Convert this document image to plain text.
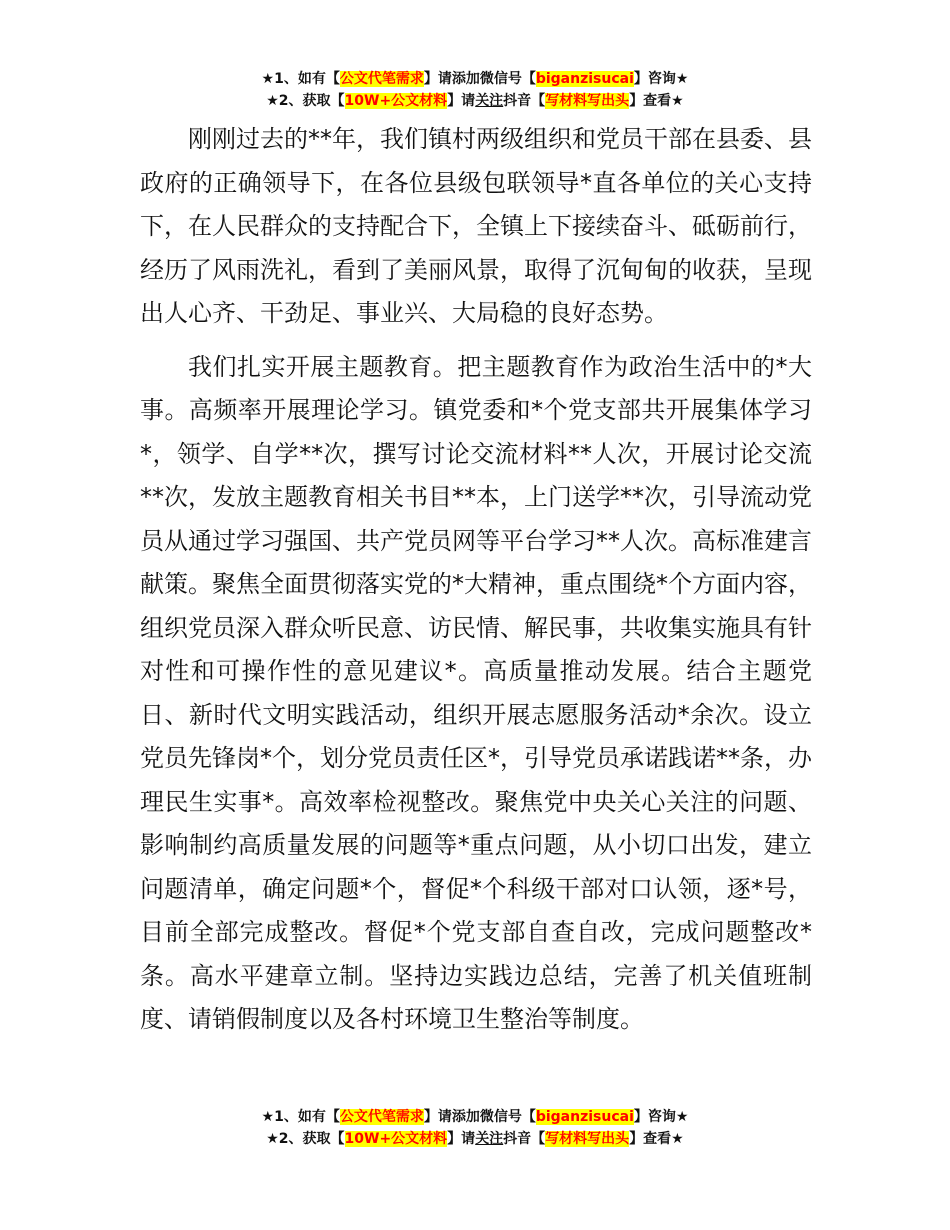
★1、如有【公文代笔需求】请添加微信号【biganzisucai】咨询★
★2、获取【10W+公文材料】请关注抖音【写材料写出头】查看★

刚刚过去的**年，我们镇村两级组织和党员干部在县委、县政府的正确领导下，在各位县级包联领导*直各单位的关心支持下，在人民群众的支持配合下，全镇上下接续奋斗、砥砺前行，经历了风雨洗礼，看到了美丽风景，取得了沉甸甸的收获，呈现出人心齐、干劲足、事业兴、大局稳的良好态势。

我们扎实开展主题教育。把主题教育作为政治生活中的*大事。高频率开展理论学习。镇党委和*个党支部共开展集体学习*，领学、自学**次，撰写讨论交流材料**人次，开展讨论交流**次，发放主题教育相关书目**本，上门送学**次，引导流动党员从通过学习强国、共产党员网等平台学习**人次。高标准建言献策。聚焦全面贯彻落实党的*大精神，重点围绕*个方面内容，组织党员深入群众听民意、访民情、解民事，共收集实施具有针对性和可操作性的意见建议*。高质量推动发展。结合主题党日、新时代文明实践活动，组织开展志愿服务活动*余次。设立党员先锋岗*个，划分党员责任区*，引导党员承诺践诺**条，办理民生实事*。高效率检视整改。聚焦党中央关心关注的问题、影响制约高质量发展的问题等*重点问题，从小切口出发，建立问题清单，确定问题*个，督促*个科级干部对口认领，逐*号，目前全部完成整改。督促*个党支部自查自改，完成问题整改*条。高水平建章立制。坚持边实践边总结，完善了机关值班制度、请销假制度以及各村环境卫生整治等制度。

★1、如有【公文代笔需求】请添加微信号【biganzisucai】咨询★
★2、获取【10W+公文材料】请关注抖音【写材料写出头】查看★
